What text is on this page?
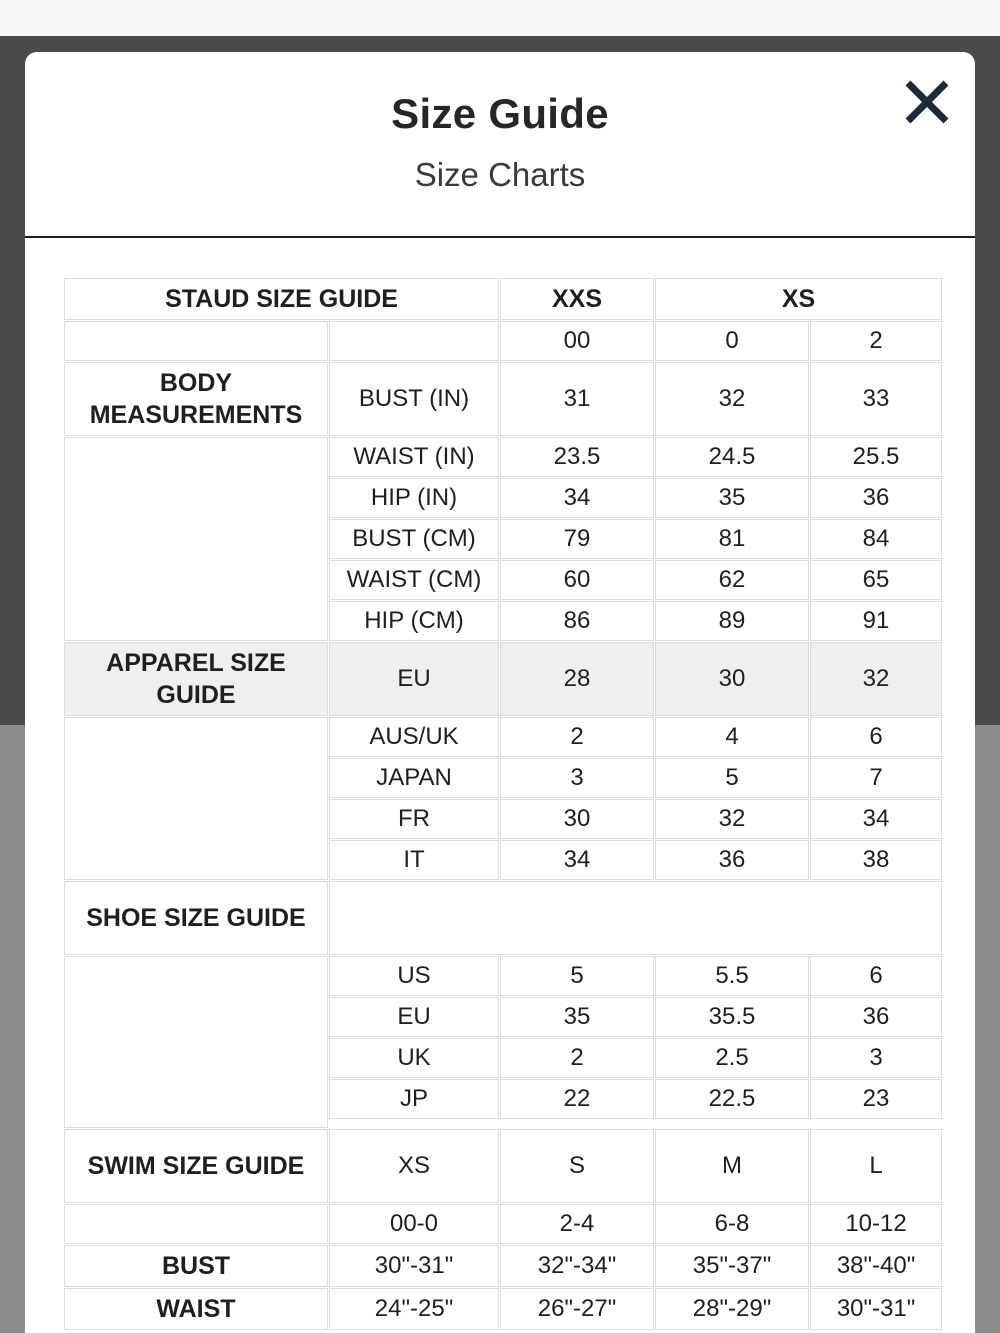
Size Guide
Size Charts
STAUD SIZE GUIDE		XXS	XS	
		00	0	2
BODY MEASUREMENTS	BUST (IN)	31	32	33
	WAIST (IN)	23.5	24.5	25.5
	HIP (IN)	34	35	36
	BUST (CM)	79	81	84
	WAIST (CM)	60	62	65
	HIP (CM)	86	89	91
APPAREL SIZE GUIDE	EU	28	30	32
	AUS/UK	2	4	6
	JAPAN	3	5	7
	FR	30	32	34
	IT	34	36	38
SHOE SIZE GUIDE				
	US	5	5.5	6
	EU	35	35.5	36
	UK	2	2.5	3
	JP	22	22.5	23

SWIM SIZE GUIDE	XS	S	M	L
	00-0	2-4	6-8	10-12
BUST	30"-31"	32"-34"	35"-37"	38"-40"
WAIST	24"-25"	26"-27"	28"-29"	30"-31"
